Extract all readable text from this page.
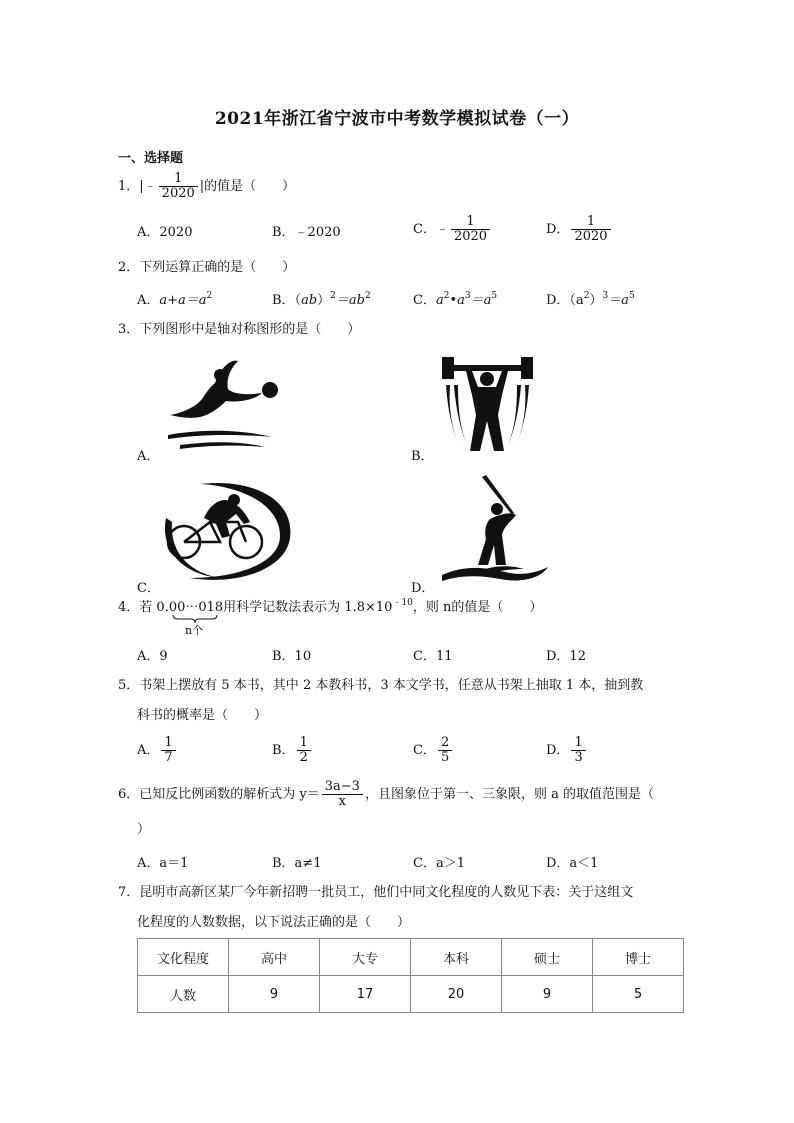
2021年浙江省宁波市中考数学模拟试卷（一）
一、选择题
1．|﹣ $\frac{1}{2020}$ |的值是（　　）
A．2020	B．﹣2020	C．﹣ $\frac{1}{2020}$	D． $\frac{1}{2020}$
2．下列运算正确的是（　　）
A．$a+a=a^2$	B．$(ab)^2=ab^2$	C．$a^2•a^3=a^5$	D．$(a^2)^3=a^5$
3．下列图形中是轴对称图形的是（　　）
A．	B．
C．	D．
4．若 0.00⋯018用科学记数法表示为 $1.8\times 10^{﹣10}$，则 n的值是（　　）
n个
A．9	B．10	C．11	D．12
5．书架上摆放有 5 本书，其中 2 本教科书，3 本文学书，任意从书架上抽取 1 本，抽到教
科书的概率是（　　）
A． $\frac{1}{7}$	B． $\frac{1}{2}$	C． $\frac{2}{5}$	D． $\frac{1}{3}$
6．已知反比例函数的解析式为 $y= \frac{3a-3}{x}$ ，且图象位于第一、三象限，则 a 的取值范围是（
）
A．a＝1	B．a≠1	C．a＞1	D．a＜1
7．昆明市高新区某厂今年新招聘一批员工，他们中同文化程度的人数见下表：关于这组文
化程度的人数数据，以下说法正确的是（　　）
文化程度	高中	大专	本科	硕士	博士
人数	9	17	20	9	5
